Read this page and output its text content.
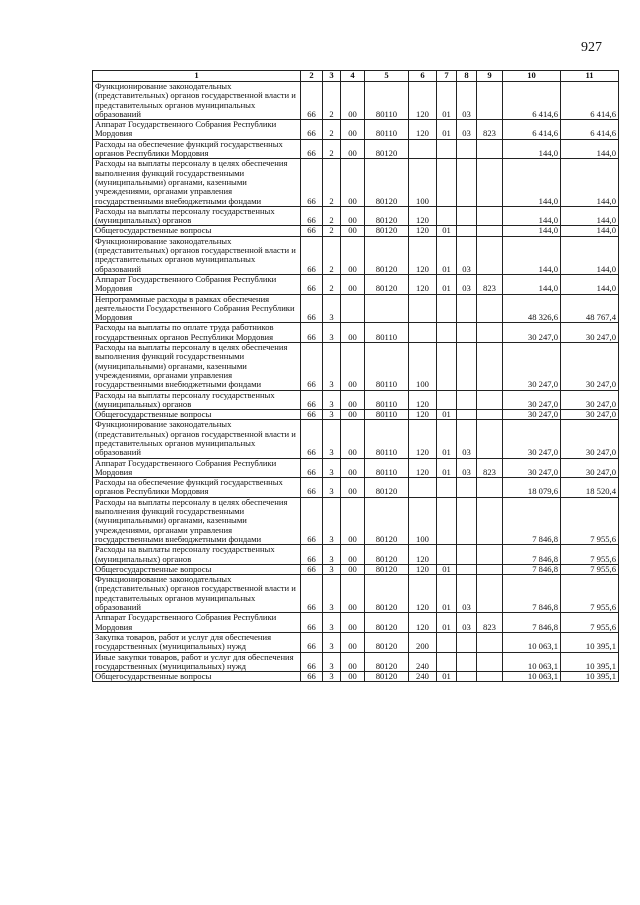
927
1	2	3	4	5	6	7	8	9	10	11
Функционирование законодательных (представительных) органов государственной власти и представительных органов муниципальных образований	66	2	00	80110	120	01	03		6 414,6	6 414,6
Аппарат Государственного Собрания Республики Мордовия	66	2	00	80110	120	01	03	823	6 414,6	6 414,6
Расходы на обеспечение функций государственных органов Республики Мордовия	66	2	00	80120					144,0	144,0
Расходы на выплаты персоналу в целях обеспечения выполнения функций государственными (муниципальными) органами, казенными учреждениями, органами управления государственными внебюджетными фондами	66	2	00	80120	100				144,0	144,0
Расходы на выплаты персоналу государственных (муниципальных) органов	66	2	00	80120	120				144,0	144,0
Общегосударственные вопросы	66	2	00	80120	120	01			144,0	144,0
Функционирование законодательных (представительных) органов государственной власти и представительных органов муниципальных образований	66	2	00	80120	120	01	03		144,0	144,0
Аппарат Государственного Собрания Республики Мордовия	66	2	00	80120	120	01	03	823	144,0	144,0
Непрограммные расходы в рамках обеспечения деятельности Государственного Собрания Республики Мордовия	66	3							48 326,6	48 767,4
Расходы на выплаты по оплате труда работников государственных органов Республики Мордовия	66	3	00	80110					30 247,0	30 247,0
Расходы на выплаты персоналу в целях обеспечения выполнения функций государственными (муниципальными) органами, казенными учреждениями, органами управления государственными внебюджетными фондами	66	3	00	80110	100				30 247,0	30 247,0
Расходы на выплаты персоналу государственных (муниципальных) органов	66	3	00	80110	120				30 247,0	30 247,0
Общегосударственные вопросы	66	3	00	80110	120	01			30 247,0	30 247,0
Функционирование законодательных (представительных) органов государственной власти и представительных органов муниципальных образований	66	3	00	80110	120	01	03		30 247,0	30 247,0
Аппарат Государственного Собрания Республики Мордовия	66	3	00	80110	120	01	03	823	30 247,0	30 247,0
Расходы на обеспечение функций государственных органов Республики Мордовия	66	3	00	80120					18 079,6	18 520,4
Расходы на выплаты персоналу в целях обеспечения выполнения функций государственными (муниципальными) органами, казенными учреждениями, органами управления государственными внебюджетными фондами	66	3	00	80120	100				7 846,8	7 955,6
Расходы на выплаты персоналу государственных (муниципальных) органов	66	3	00	80120	120				7 846,8	7 955,6
Общегосударственные вопросы	66	3	00	80120	120	01			7 846,8	7 955,6
Функционирование законодательных (представительных) органов государственной власти и представительных органов муниципальных образований	66	3	00	80120	120	01	03		7 846,8	7 955,6
Аппарат Государственного Собрания Республики Мордовия	66	3	00	80120	120	01	03	823	7 846,8	7 955,6
Закупка товаров, работ и услуг для обеспечения государственных (муниципальных) нужд	66	3	00	80120	200				10 063,1	10 395,1
Иные закупки товаров, работ и услуг для обеспечения государственных (муниципальных) нужд	66	3	00	80120	240				10 063,1	10 395,1
Общегосударственные вопросы	66	3	00	80120	240	01			10 063,1	10 395,1
